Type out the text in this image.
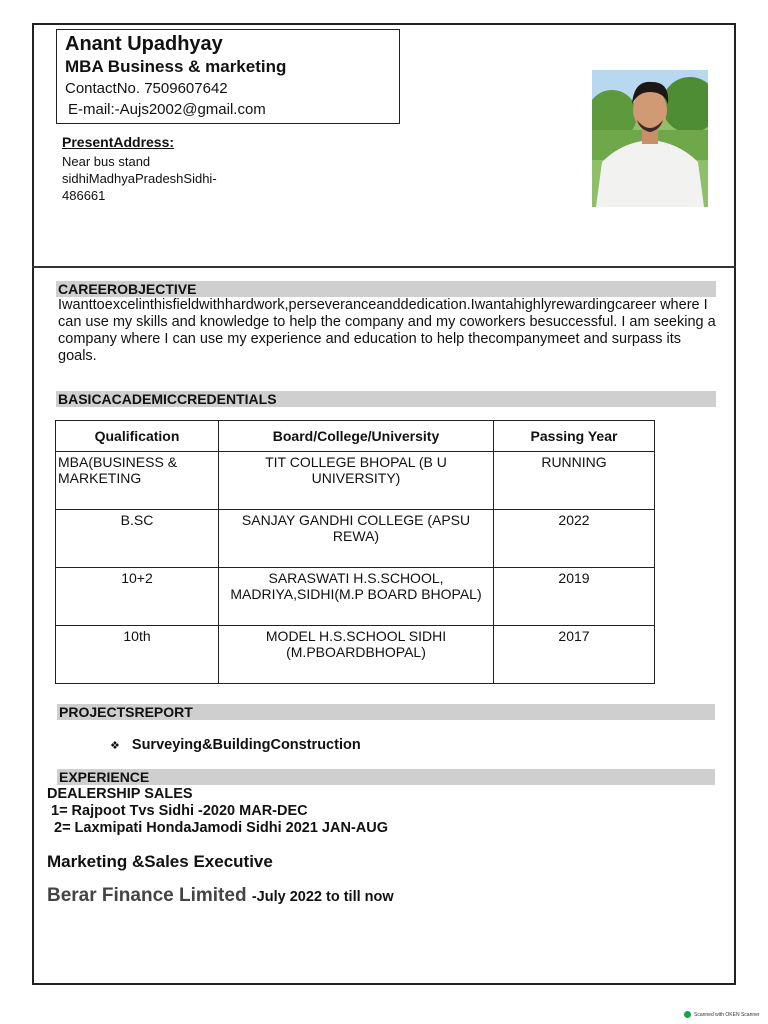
Anant Upadhyay
MBA Business & marketing
ContactNo. 7509607642
E-mail:-Aujs2002@gmail.com
PresentAddress:
Near bus stand
sidhiMadhyaPradeshSidhi-
486661
CAREEROBJECTIVE
Iwanttoexcelinthisfieldwithhardwork,perseveranceanddedication.Iwantahighlyrewardingcareer where I can use my skills and knowledge to help the company and my coworkers besuccessful. I am seeking a company where I can use my experience and education to help thecompanymeet and surpass its goals.
BASICACADEMICCREDENTIALS
Qualification	Board/College/University	Passing Year
MBA(BUSINESS & MARKETING	TIT COLLEGE BHOPAL (B U UNIVERSITY)	RUNNING
B.SC	SANJAY GANDHI COLLEGE (APSU REWA)	2022
10+2	SARASWATI H.S.SCHOOL, MADRIYA,SIDHI(M.P BOARD BHOPAL)	2019
10th	MODEL H.S.SCHOOL SIDHI (M.PBOARDBHOPAL)	2017
PROJECTSREPORT
❖ Surveying&BuildingConstruction
EXPERIENCE
DEALERSHIP SALES
1= Rajpoot Tvs Sidhi -2020 MAR-DEC
2= Laxmipati HondaJamodi Sidhi 2021 JAN-AUG
Marketing &Sales Executive
Berar Finance Limited -July 2022 to till now
Scanned with OKEN Scanner
